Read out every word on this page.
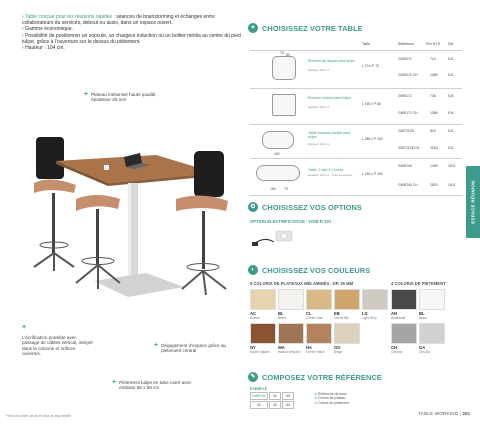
› Table conçue pour les réunions rapides : séances de brainstorming et échanges entre collaborateurs du services, debout ou assis, dans un espace ouvert.
› Gamme économique.
› Possibilité de positionner un sopcule, un chargeur induction ou un boitier média au centre du pied tulipe, grâce à l'ouverture sur le dessus du piétement.
› Hauteur : 104 cm.
+ Plateau mélaminé haute qualité, épaisseur 25 mm
+
L'écrification possible avec passage de câbles vertical, intégré dans la colonne et orifices ouvertes.
+ Dégagement d'espace grâce au piètement central
+ Piétement tulipe en tube carré avec embase 58 x 58 cm
*Selon le coloris choisi et selon la disponibilité.
⌖ CHOISISSEZ VOTRE TABLE
Taille	Référence	Prix HT € Dél.
70
Élément de départ pied tulipe
Hauteur 104 cm
L 70 x P 70
GWE071	710	5J1
GWE071 CH	1089	5J1
Élément suivant pied tulipe
Hauteur 104 cm
L 160 x P 80
GWE172	736	5J4
GWE172 CH	1386	5J4
160
Table tonneau double pied tulipe
Hauteur 104 cm
L 280 x P 100
GWT2128	819	5J1
GWT2128 CH	2163	5J1
160 70
Table, 2 tabl 4 1 bouts
Hauteur 104 cm · Forme tonneau	L 240 x P 100
GWE240	1445	15J1
GWE240 CH	2820	15J1
80
⚙ CHOISISSEZ VOS OPTIONS
OPTION ÉLECTRIFICATION : VOIR P. 201
◐ CHOISISSEZ VOS COULEURS
9 COLORIS DE PLATEAUX MÉLAMINÉS - EP. 25 MM	4 COLORIS DE PIÈTEMENT
AC
Acacia
BL
Blanc
CL
Chêne Clair
EB
Chêne Blé
LG
Light Grey
NY
Noyer Naturel
WA
Walnut Wooden
HA
Chêne Hatch
GG
Beige
AN
Anthracite
BL
Blanc
CH
Chrome
GA
Gris Alu
✎ COMPOSEZ VOTRE RÉFÉRENCE
EXEMPLE
GWE240	01	03
01	02	03
① Référence de base
② Coloris de plateau
③ Coloris du piétement
ESPACE RÉUNION
TABLE WORKING | 201
